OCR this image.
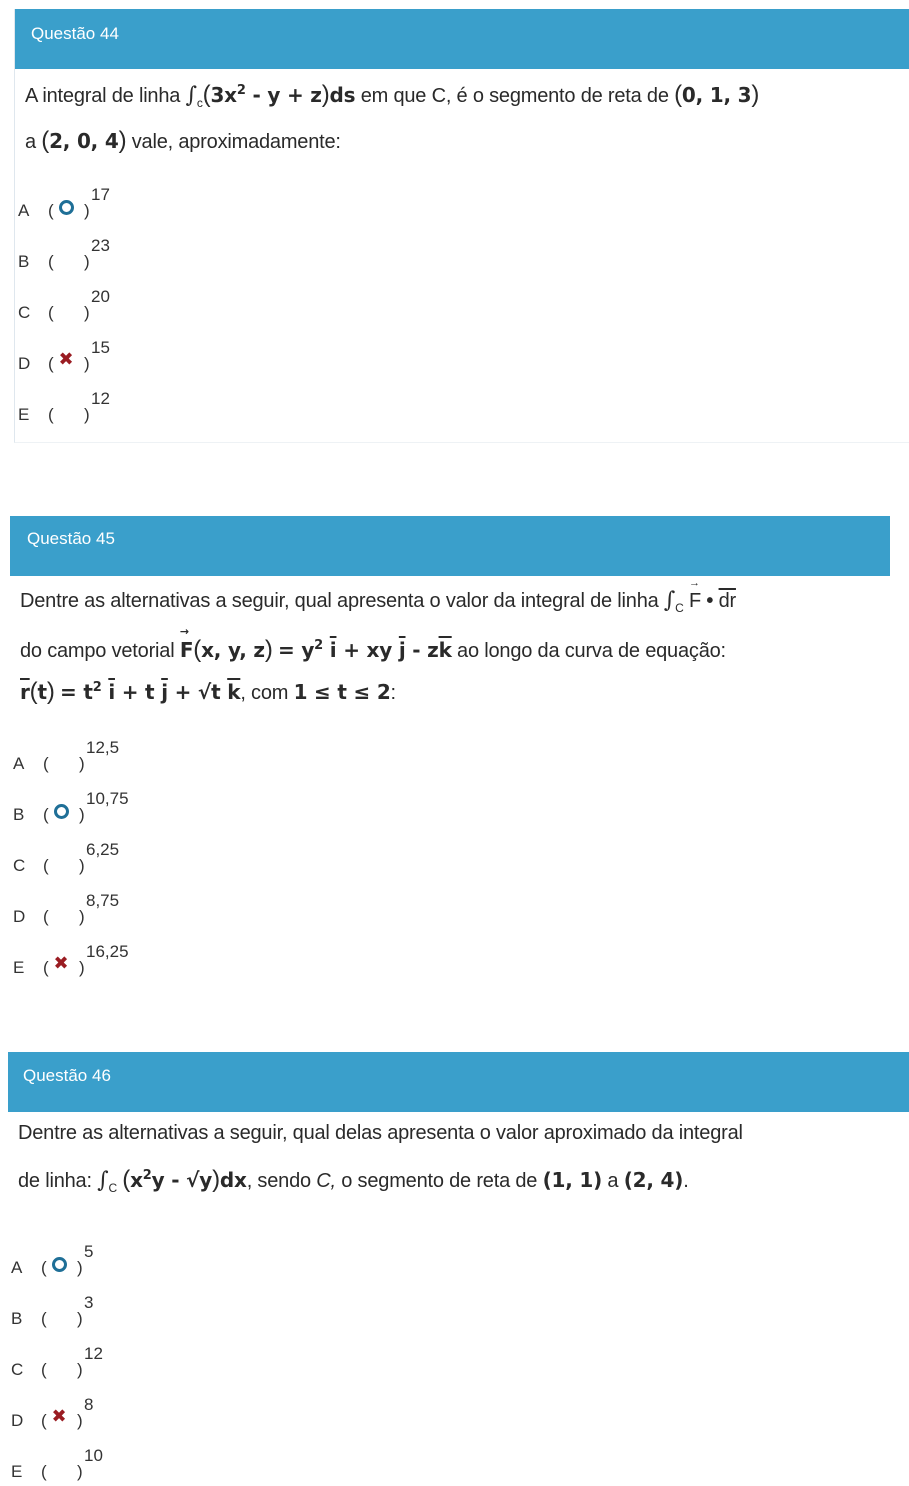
Questão 44
A integral de linha $\int_c(3x^2 - y + z)ds$ em que C, é o segmento de reta de (0, 1, 3)
a (2, 0, 4) vale, aproximadamente:
A ( )
17
B ( )
23
C ( )
20
D ( ✖ )
15
E ( )
12
Questão 45
Dentre as alternativas a seguir, qual apresenta o valor da integral de linha $\int_C \to F$ • $\overline{dr}$
do campo vetorial → F(x, y, $z) = y^2$ $\overline{i}$ + xy $\overline{j} - z\overline{k}$ ao longo da curva de equação:
$\overline{r}(t) = t^2$ $\overline{i} + t$ $\overline{j} + √t$ $\overline{k}$, com 1 ≤ t ≤ 2:
A ( )
12,5
B ( )
10,75
C ( )
6,25
D ( )
8,75
E ( ✖ )
16,25
Questão 46
Dentre as alternativas a seguir, qual delas apresenta o valor aproximado da integral
de linha: $\int_C$ $(x^2y - √y)dx$, sendo C, o segmento de reta de (1, 1) a (2, 4).
A ( )
5
B ( )
3
C ( )
12
D ( ✖ )
8
E ( )
10
